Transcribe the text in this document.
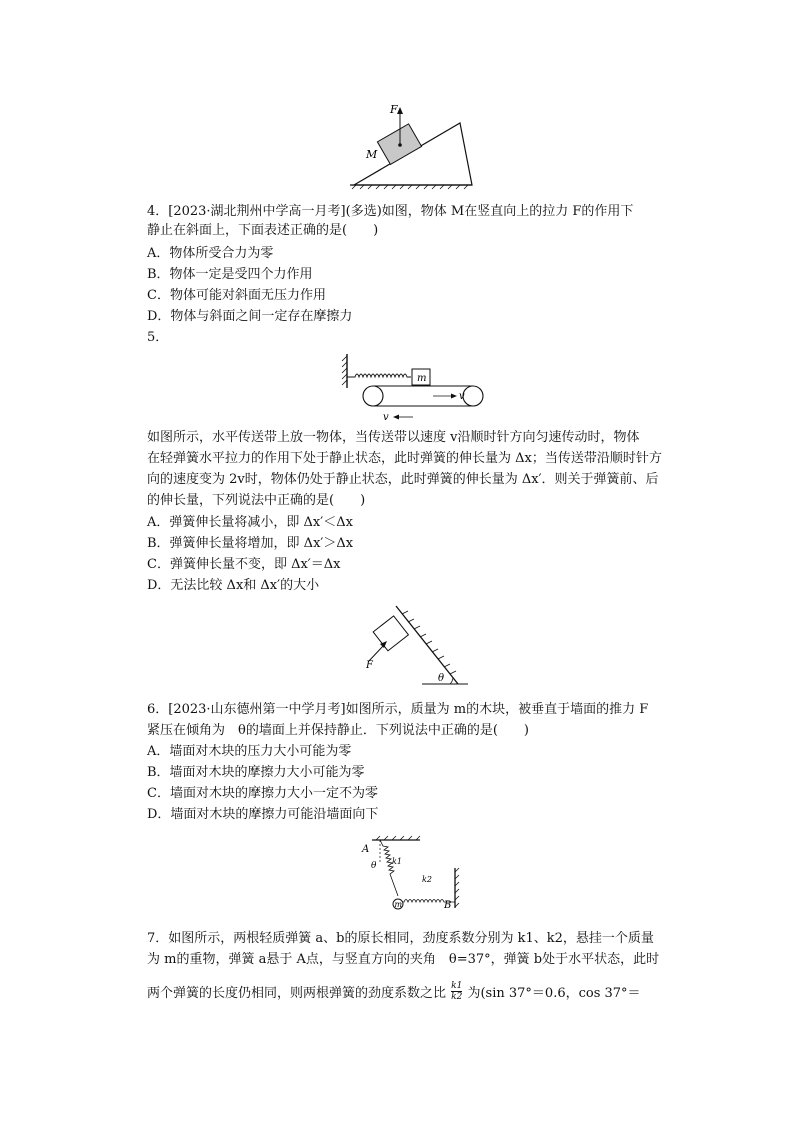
F
M
4．[2023·湖北荆州中学高一月考](多选)如图，物体 M在竖直向上的拉力 F的作用下
静止在斜面上，下面表述正确的是(　　)
A．物体所受合力为零
B．物体一定是受四个力作用
C．物体可能对斜面无压力作用
D．物体与斜面之间一定存在摩擦力
5．
m
v
v
如图所示，水平传送带上放一物体，当传送带以速度 v沿顺时针方向匀速传动时，物体
在轻弹簧水平拉力的作用下处于静止状态，此时弹簧的伸长量为 Δx；当传送带沿顺时针方
向的速度变为 2v时，物体仍处于静止状态，此时弹簧的伸长量为 Δx′．则关于弹簧前、后
的伸长量，下列说法中正确的是(　　)
A．弹簧伸长量将减小，即 Δx′＜Δx
B．弹簧伸长量将增加，即 Δx′＞Δx
C．弹簧伸长量不变，即 Δx′＝Δx
D．无法比较 Δx和 Δx′的大小
θ
F
6．[2023·山东德州第一中学月考]如图所示，质量为 m的木块，被垂直于墙面的推力 F
紧压在倾角为　θ的墙面上并保持静止．下列说法中正确的是(　　)
A．墙面对木块的压力大小可能为零
B．墙面对木块的摩擦力大小可能为零
C．墙面对木块的摩擦力大小一定不为零
D．墙面对木块的摩擦力可能沿墙面向下
m
A
B
θ k1
k2
7．如图所示，两根轻质弹簧 a、b的原长相同，劲度系数分别为 k1、k2，悬挂一个质量
为 m的重物，弹簧 a悬于 A点，与竖直方向的夹角　θ=37°，弹簧 b处于水平状态，此时
两个弹簧的长度仍相同，则两根弹簧的劲度系数之比 $\frac{k1}{k2}$ 为(sin 37°＝0.6，cos 37°＝
